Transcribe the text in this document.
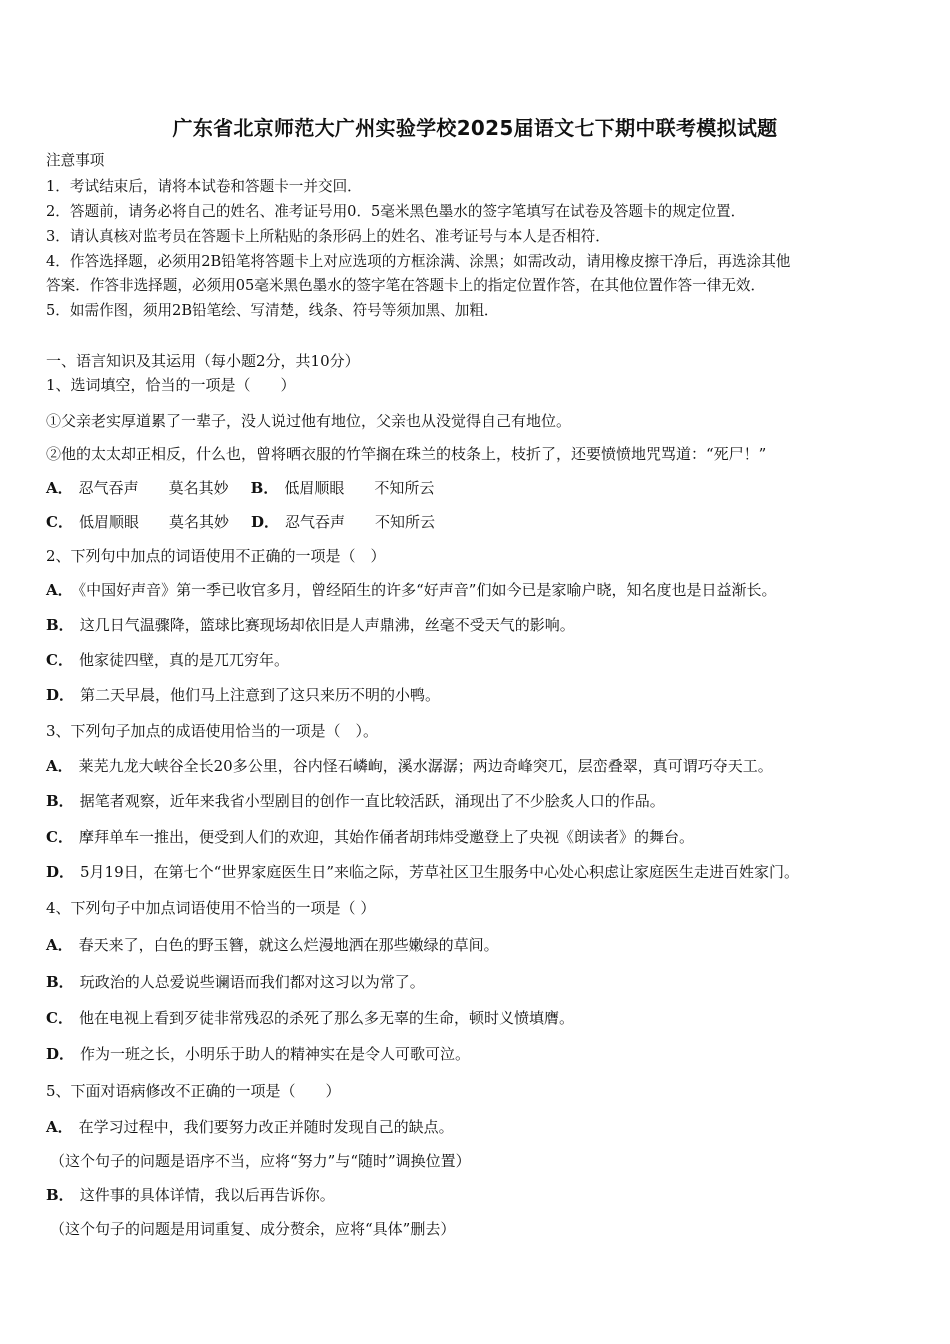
广东省北京师范大广州实验学校2025届语文七下期中联考模拟试题
注意事项
1．考试结束后，请将本试卷和答题卡一并交回．
2．答题前，请务必将自己的姓名、准考证号用0．5毫米黑色墨水的签字笔填写在试卷及答题卡的规定位置．
3．请认真核对监考员在答题卡上所粘贴的条形码上的姓名、准考证号与本人是否相符．
4．作答选择题，必须用2B铅笔将答题卡上对应选项的方框涂满、涂黑；如需改动，请用橡皮擦干净后，再选涂其他
答案．作答非选择题，必须用05毫米黑色墨水的签字笔在答题卡上的指定位置作答，在其他位置作答一律无效．
5．如需作图，须用2B铅笔绘、写清楚，线条、符号等须加黑、加粗．
一、语言知识及其运用（每小题2分，共10分）
1、选词填空，恰当的一项是（　　）
①父亲老实厚道累了一辈子，没人说过他有地位，父亲也从没觉得自己有地位。
②他的太太却正相反，什么也，曾将晒衣服的竹竿搁在珠兰的枝条上，枝折了，还要愤愤地咒骂道：“死尸！”
A． 忍气吞声　　莫名其妙 B． 低眉顺眼　　不知所云
C． 低眉顺眼　　莫名其妙 D． 忍气吞声　　不知所云
2、下列句中加点的词语使用不正确的一项是（　）
A． 《中国好声音》第一季已收官多月，曾经陌生的许多“好声音”们如今已是家喻户晓，知名度也是日益渐长。
B． 这几日气温骤降，篮球比赛现场却依旧是人声鼎沸，丝毫不受天气的影响。
C． 他家徒四壁，真的是兀兀穷年。
D． 第二天早晨，他们马上注意到了这只来历不明的小鸭。
3、下列句子加点的成语使用恰当的一项是（　）。
A． 莱芜九龙大峡谷全长20多公里，谷内怪石嶙峋，溪水潺潺；两边奇峰突兀，层峦叠翠，真可谓巧夺天工。
B． 据笔者观察，近年来我省小型剧目的创作一直比较活跃，涌现出了不少脍炙人口的作品。
C． 摩拜单车一推出，便受到人们的欢迎，其始作俑者胡玮炜受邀登上了央视《朗读者》的舞台。
D． 5月19日，在第七个“世界家庭医生日”来临之际，芳草社区卫生服务中心处心积虑让家庭医生走进百姓家门。
4、下列句子中加点词语使用不恰当的一项是（ ）
A． 春天来了，白色的野玉簪，就这么烂漫地洒在那些嫩绿的草间。
B． 玩政治的人总爱说些谰语而我们都对这习以为常了。
C． 他在电视上看到歹徒非常残忍的杀死了那么多无辜的生命，顿时义愤填膺。
D． 作为一班之长，小明乐于助人的精神实在是令人可歌可泣。
5、下面对语病修改不正确的一项是（　　）
A． 在学习过程中，我们要努力改正并随时发现自己的缺点。
（这个句子的问题是语序不当，应将“努力”与“随时”调换位置）
B． 这件事的具体详情，我以后再告诉你。
（这个句子的问题是用词重复、成分赘余，应将“具体”删去）
